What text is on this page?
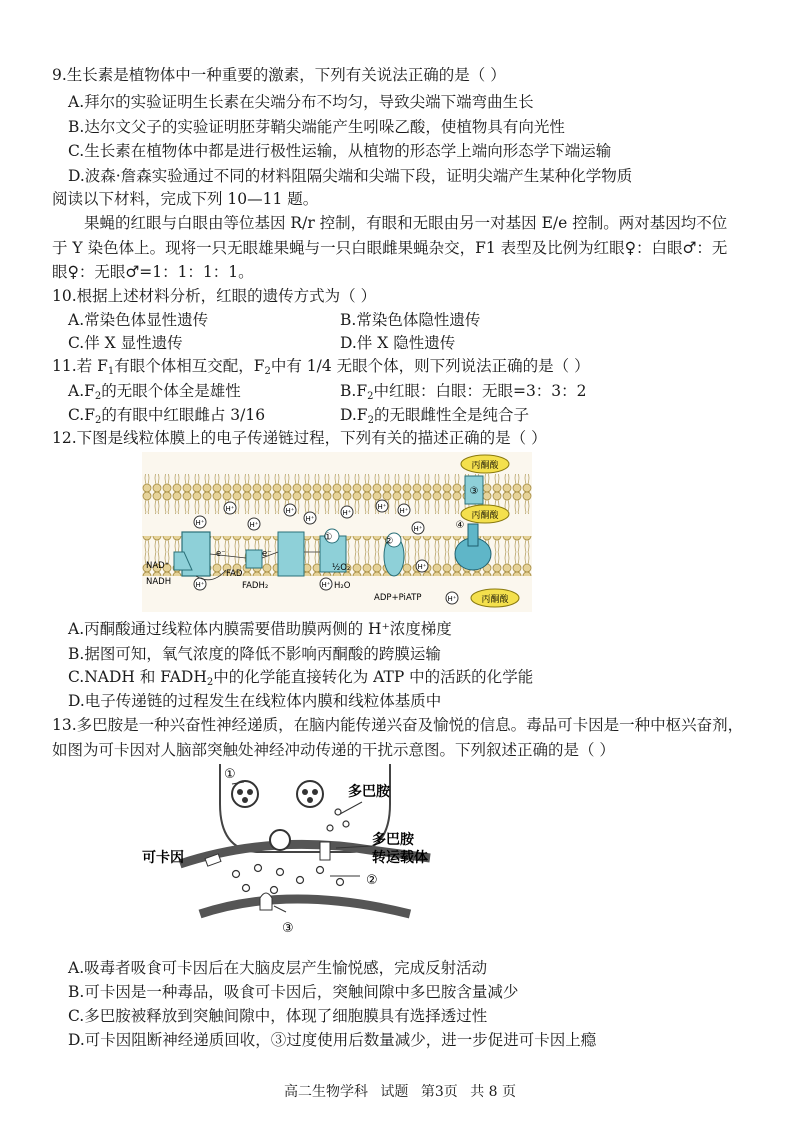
9.生长素是植物体中一种重要的激素，下列有关说法正确的是（ ）
A.拜尔的实验证明生长素在尖端分布不均匀，导致尖端下端弯曲生长
B.达尔文父子的实验证明胚芽鞘尖端能产生吲哚乙酸，使植物具有向光性
C.生长素在植物体中都是进行极性运输，从植物的形态学上端向形态学下端运输
D.波森·詹森实验通过不同的材料阻隔尖端和尖端下段，证明尖端产生某种化学物质
阅读以下材料，完成下列 10—11 题。
果蝇的红眼与白眼由等位基因 R/r 控制，有眼和无眼由另一对基因 E/e 控制。两对基因均不位
于 Y 染色体上。现将一只无眼雄果蝇与一只白眼雌果蝇杂交，F1 表型及比例为红眼♀：白眼♂：无
眼♀：无眼♂=1：1：1：1。
10.根据上述材料分析，红眼的遗传方式为（ ）
A.常染色体显性遗传	B.常染色体隐性遗传
C.伴 X 显性遗传	D.伴 X 隐性遗传
11.若 $F_1$有眼个体相互交配，$F_2$中有 1/4 无眼个体，则下列说法正确的是（ ）
$A.F_2$的无眼个体全是雄性	$B.F_2$中红眼：白眼：无眼=3：3：2
$C.F_2$的有眼中红眼雌占 3/16	$D.F_2$的无眼雌性全是纯合子
12.下图是线粒体膜上的电子传递链过程，下列有关的描述正确的是（ ）
丙酮酸
丙酮酸
丙酮酸
H⁺
H⁺
H⁺
H⁺
H⁺
H⁺
H⁺ H⁺
H⁺
H⁺	H⁺
H⁺
H⁺
NAD⁺
NADH
FAD
FADH₂
½O₂
H₂O
ADP+Pi ATP
e⁻	e⁻
①	②
③
④
A.丙酮酸通过线粒体内膜需要借助膜两侧的 H⁺浓度梯度
B.据图可知，氧气浓度的降低不影响丙酮酸的跨膜运输
C.NADH 和 $FADH_2$中的化学能直接转化为 ATP 中的活跃的化学能
D.电子传递链的过程发生在线粒体内膜和线粒体基质中
13.多巴胺是一种兴奋性神经递质，在脑内能传递兴奋及愉悦的信息。毒品可卡因是一种中枢兴奋剂，
如图为可卡因对人脑部突触处神经冲动传递的干扰示意图。下列叙述正确的是（ ）
①
②
③
多巴胺
多巴胺
转运载体
可卡因
A.吸毒者吸食可卡因后在大脑皮层产生愉悦感，完成反射活动
B.可卡因是一种毒品，吸食可卡因后，突触间隙中多巴胺含量减少
C.多巴胺被释放到突触间隙中，体现了细胞膜具有选择透过性
D.可卡因阻断神经递质回收，③过度使用后数量减少，进一步促进可卡因上瘾
高二生物学科 试题 第3页 共 8 页
